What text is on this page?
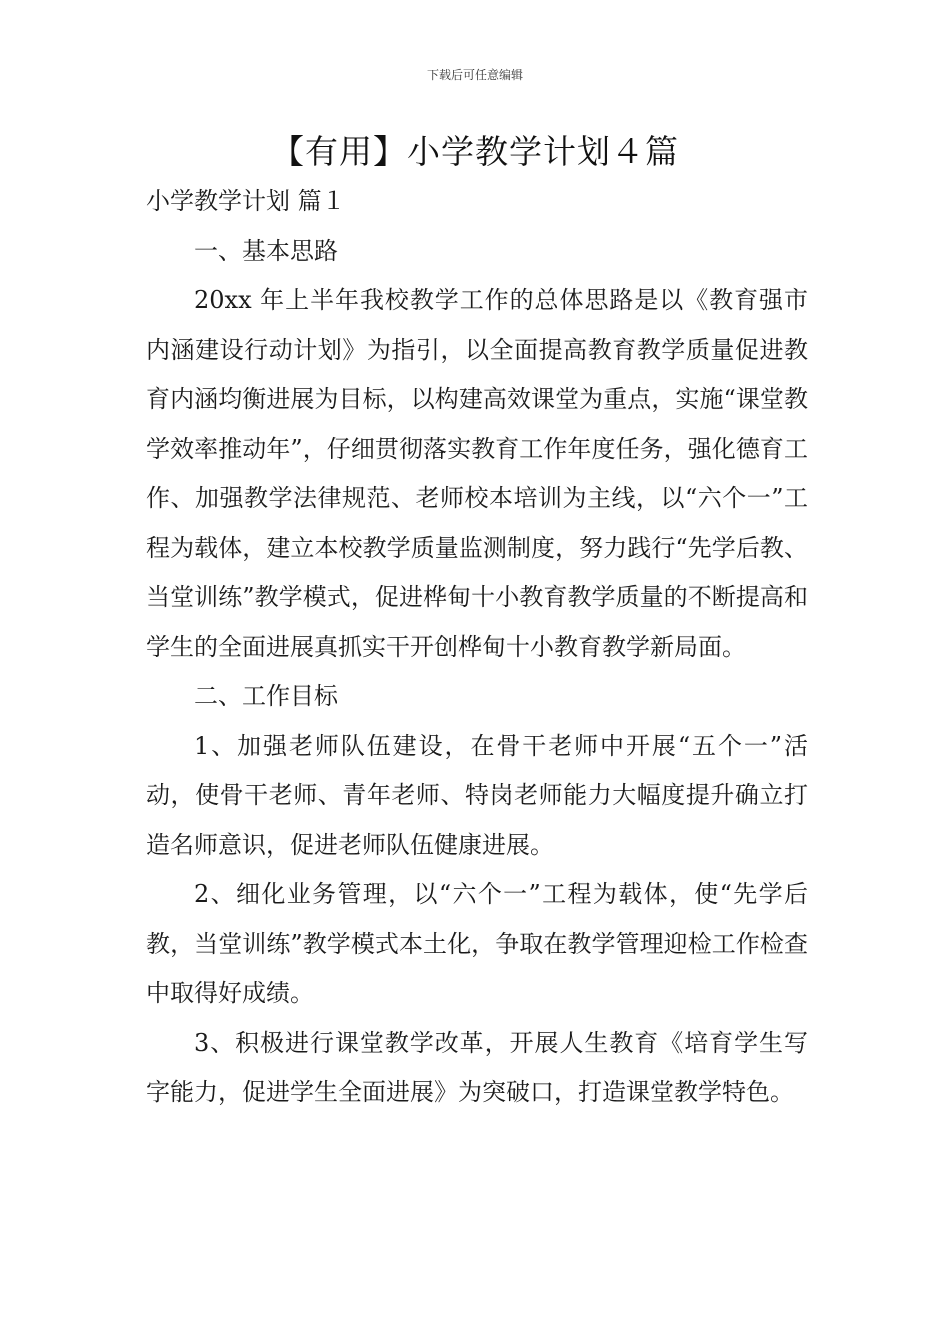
下载后可任意编辑
【有用】小学教学计划４篇

小学教学计划 篇１

一、基本思路

20xx 年上半年我校教学工作的总体思路是以《教育强市内涵建设行动计划》为指引，以全面提高教育教学质量促进教育内涵均衡进展为目标，以构建高效课堂为重点，实施“课堂教学效率推动年”，仔细贯彻落实教育工作年度任务，强化德育工作、加强教学法律规范、老师校本培训为主线，以“六个一”工程为载体，建立本校教学质量监测制度，努力践行“先学后教、当堂训练”教学模式，促进桦甸十小教育教学质量的不断提高和学生的全面进展真抓实干开创桦甸十小教育教学新局面。

二、工作目标

1、加强老师队伍建设，在骨干老师中开展“五个一”活动，使骨干老师、青年老师、特岗老师能力大幅度提升确立打造名师意识，促进老师队伍健康进展。

2、细化业务管理，以“六个一”工程为载体，使“先学后教，当堂训练”教学模式本土化，争取在教学管理迎检工作检查中取得好成绩。

3、积极进行课堂教学改革，开展人生教育《培育学生写字能力，促进学生全面进展》为突破口，打造课堂教学特色。
